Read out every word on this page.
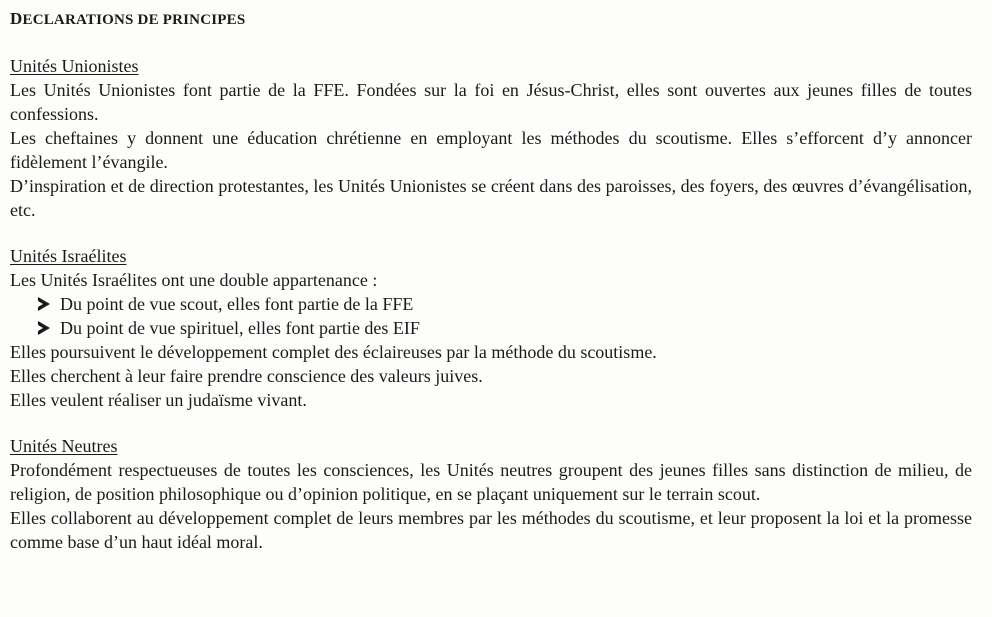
DECLARATIONS DE PRINCIPES

Unités Unionistes

Les Unités Unionistes font partie de la FFE. Fondées sur la foi en Jésus-Christ, elles sont ouvertes aux jeunes filles de toutes confessions.

Les cheftaines y donnent une éducation chrétienne en employant les méthodes du scoutisme. Elles s’efforcent d’y annoncer fidèlement l’évangile.

D’inspiration et de direction protestantes, les Unités Unionistes se créent dans des paroisses, des foyers, des œuvres d’évangélisation, etc.

Unités Israélites

Les Unités Israélites ont une double appartenance :

Du point de vue scout, elles font partie de la FFE
Du point de vue spirituel, elles font partie des EIF

Elles poursuivent le développement complet des éclaireuses par la méthode du scoutisme.

Elles cherchent à leur faire prendre conscience des valeurs juives.

Elles veulent réaliser un judaïsme vivant.

Unités Neutres

Profondément respectueuses de toutes les consciences, les Unités neutres groupent des jeunes filles sans distinction de milieu, de religion, de position philosophique ou d’opinion politique, en se plaçant uniquement sur le terrain scout.

Elles collaborent au développement complet de leurs membres par les méthodes du scoutisme, et leur proposent la loi et la promesse comme base d’un haut idéal moral.
